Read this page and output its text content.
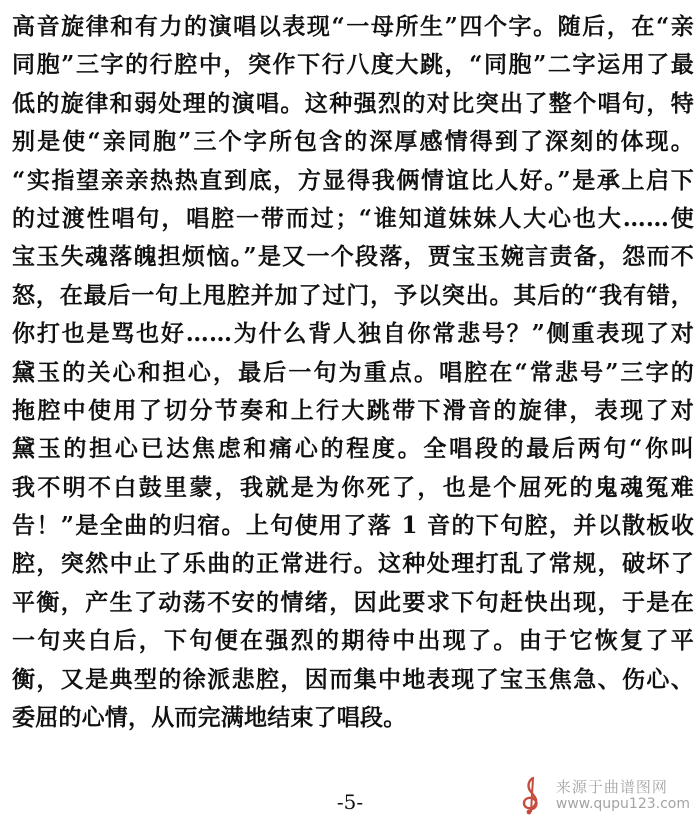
高音旋律和有力的演唱以表现“一母所生”四个字。随后，在“亲
同胞”三字的行腔中，突作下行八度大跳，“同胞”二字运用了最
低的旋律和弱处理的演唱。这种强烈的对比突出了整个唱句，特
别是使“亲同胞”三个字所包含的深厚感情得到了深刻的体现。
“实指望亲亲热热直到底，方显得我俩情谊比人好。”是承上启下
的过渡性唱句，唱腔一带而过；“谁知道妹妹人大心也大……使
宝玉失魂落魄担烦恼。”是又一个段落，贾宝玉婉言责备，怨而不
怒，在最后一句上甩腔并加了过门，予以突出。其后的“我有错，
你打也是骂也好……为什么背人独自你常悲号？”侧重表现了对
黛玉的关心和担心，最后一句为重点。唱腔在“常悲号”三字的
拖腔中使用了切分节奏和上行大跳带下滑音的旋律，表现了对
黛玉的担心已达焦虑和痛心的程度。全唱段的最后两句“你叫
我不明不白鼓里蒙，我就是为你死了，也是个屈死的鬼魂冤难
告！”是全曲的归宿。上句使用了落 1 音的下句腔，并以散板收
腔，突然中止了乐曲的正常进行。这种处理打乱了常规，破坏了
平衡，产生了动荡不安的情绪，因此要求下句赶快出现，于是在
一句夹白后，下句便在强烈的期待中出现了。由于它恢复了平
衡，又是典型的徐派悲腔，因而集中地表现了宝玉焦急、伤心、
委屈的心情，从而完满地结束了唱段。
-5-
来源于曲谱图网
www.qupu123.com
